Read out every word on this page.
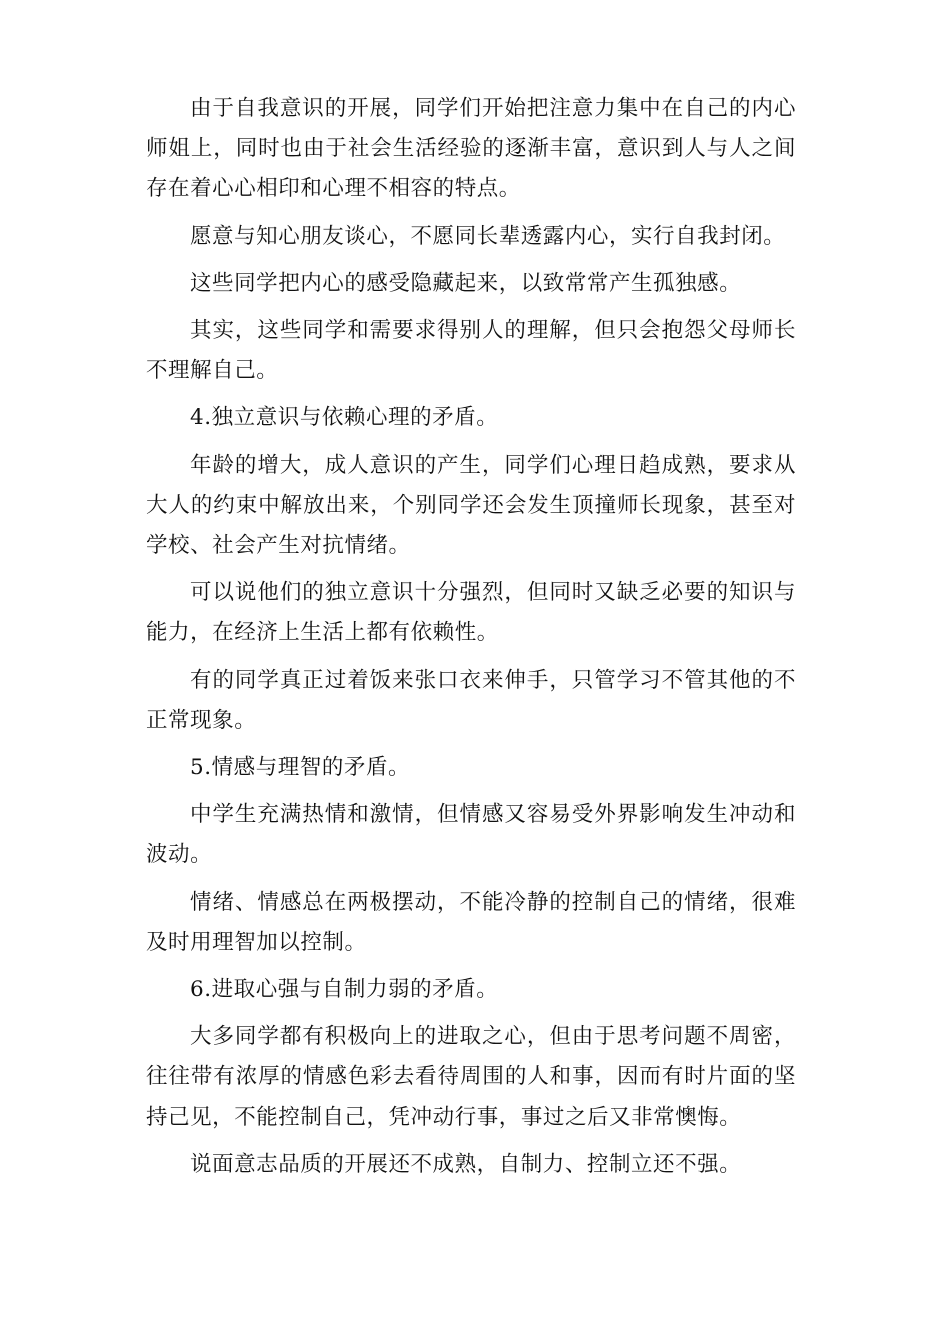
由于自我意识的开展，同学们开始把注意力集中在自己的内心师姐上，同时也由于社会生活经验的逐渐丰富，意识到人与人之间存在着心心相印和心理不相容的特点。

愿意与知心朋友谈心，不愿同长辈透露内心，实行自我封闭。

这些同学把内心的感受隐藏起来，以致常常产生孤独感。

其实，这些同学和需要求得别人的理解，但只会抱怨父母师长不理解自己。

4.独立意识与依赖心理的矛盾。

年龄的增大，成人意识的产生，同学们心理日趋成熟，要求从大人的约束中解放出来，个别同学还会发生顶撞师长现象，甚至对学校、社会产生对抗情绪。

可以说他们的独立意识十分强烈，但同时又缺乏必要的知识与能力，在经济上生活上都有依赖性。

有的同学真正过着饭来张口衣来伸手，只管学习不管其他的不正常现象。

5.情感与理智的矛盾。

中学生充满热情和激情，但情感又容易受外界影响发生冲动和波动。

情绪、情感总在两极摆动，不能冷静的控制自己的情绪，很难及时用理智加以控制。

6.进取心强与自制力弱的矛盾。

大多同学都有积极向上的进取之心，但由于思考问题不周密，往往带有浓厚的情感色彩去看待周围的人和事，因而有时片面的坚持己见，不能控制自己，凭冲动行事，事过之后又非常懊悔。

说面意志品质的开展还不成熟，自制力、控制立还不强。
